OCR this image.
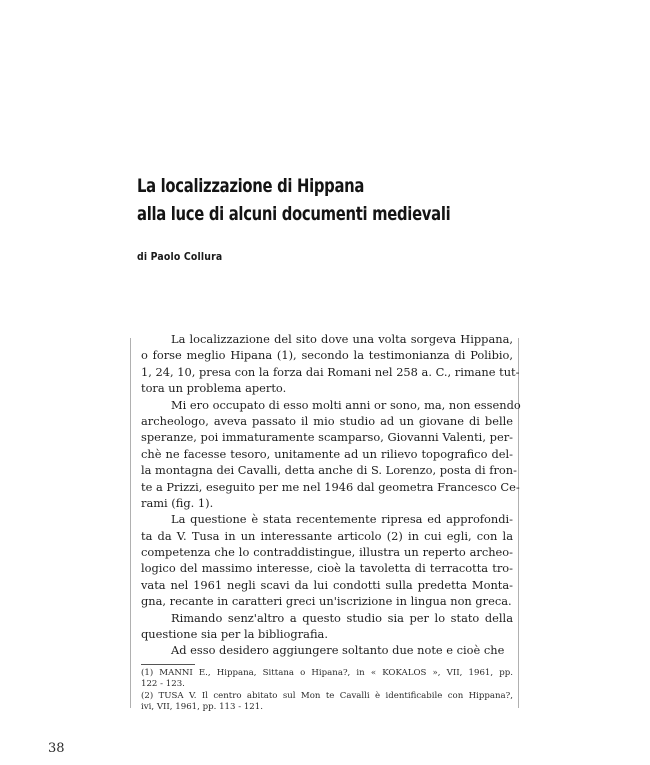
La localizzazione di Hippana
alla luce di alcuni documenti medievali
di Paolo Collura
La localizzazione del sito dove una volta sorgeva Hippana,
o forse meglio Hipana (1), secondo la testimonianza di Polibio,
1, 24, 10, presa con la forza dai Romani nel 258 a. C., rimane tut-
tora un problema aperto.
Mi ero occupato di esso molti anni or sono, ma, non essendo
archeologo, aveva passato il mio studio ad un giovane di belle
speranze, poi immaturamente scamparso, Giovanni Valenti, per-
chè ne facesse tesoro, unitamente ad un rilievo topografico del-
la montagna dei Cavalli, detta anche di S. Lorenzo, posta di fron-
te a Prizzi, eseguito per me nel 1946 dal geometra Francesco Ce-
rami (fig. 1).
La questione è stata recentemente ripresa ed approfondi-
ta da V. Tusa in un interessante articolo (2) in cui egli, con la
competenza che lo contraddistingue, illustra un reperto archeo-
logico del massimo interesse, cioè la tavoletta di terracotta tro-
vata nel 1961 negli scavi da lui condotti sulla predetta Monta-
gna, recante in caratteri greci un'iscrizione in lingua non greca.
Rimando senz'altro a questo studio sia per lo stato della
questione sia per la bibliografia.
Ad esso desidero aggiungere soltanto due note e cioè che
(1) MANNI E., Hippana, Sittana o Hipana?, in « KOKALOS », VII, 1961, pp.
122 - 123.
(2) TUSA V. Il centro abitato sul Mon te Cavalli è identificabile con Hippana?,
ivi, VII, 1961, pp. 113 - 121.
38
